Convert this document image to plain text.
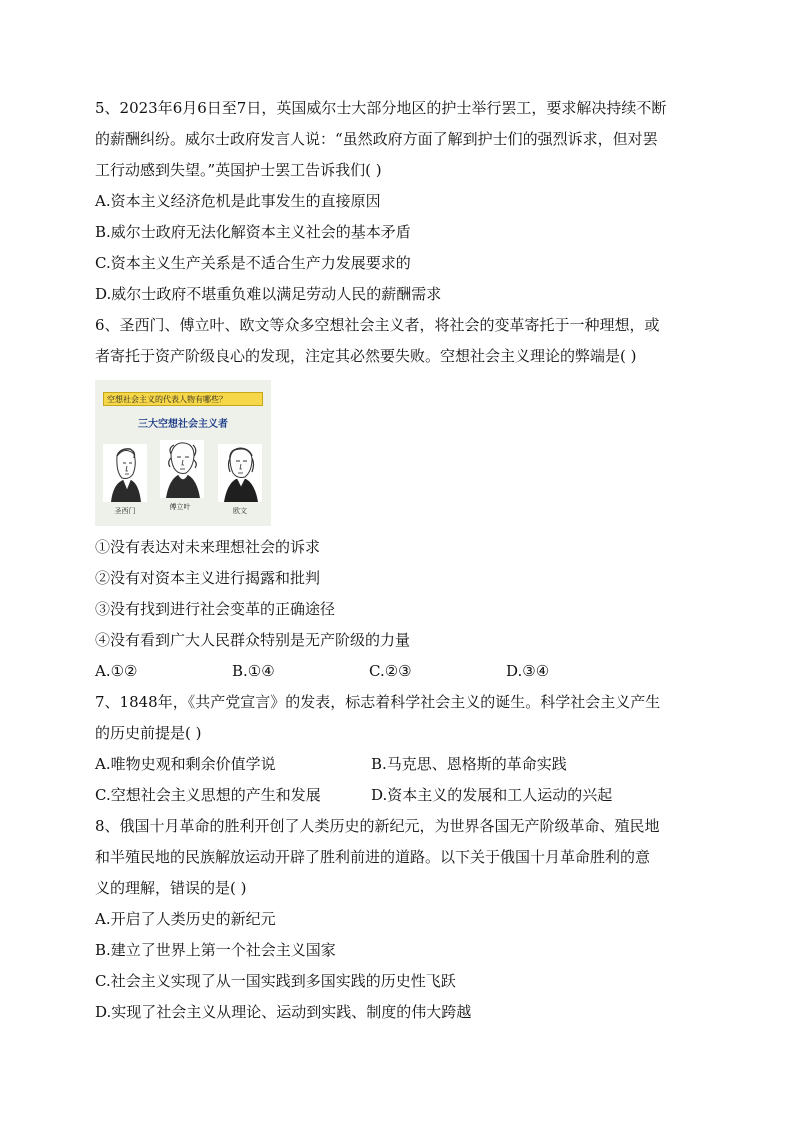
5、2023年6月6日至7日，英国威尔士大部分地区的护士举行罢工，要求解决持续不断
的薪酬纠纷。威尔士政府发言人说：“虽然政府方面了解到护士们的强烈诉求，但对罢
工行动感到失望。”英国护士罢工告诉我们( )
A.资本主义经济危机是此事发生的直接原因
B.威尔士政府无法化解资本主义社会的基本矛盾
C.资本主义生产关系是不适合生产力发展要求的
D.威尔士政府不堪重负难以满足劳动人民的薪酬需求
6、圣西门、傅立叶、欧文等众多空想社会主义者，将社会的变革寄托于一种理想，或
者寄托于资产阶级良心的发现，注定其必然要失败。空想社会主义理论的弊端是( )
空想社会主义的代表人物有哪些？
三大空想社会主义者
圣西门	傅立叶	欧文
①没有表达对未来理想社会的诉求
②没有对资本主义进行揭露和批判
③没有找到进行社会变革的正确途径
④没有看到广大人民群众特别是无产阶级的力量
A.①②	B.①④	C.②③	D.③④
7、1848年，《共产党宣言》的发表，标志着科学社会主义的诞生。科学社会主义产生
的历史前提是( )
A.唯物史观和剩余价值学说	B.马克思、恩格斯的革命实践
C.空想社会主义思想的产生和发展	D.资本主义的发展和工人运动的兴起
8、俄国十月革命的胜利开创了人类历史的新纪元，为世界各国无产阶级革命、殖民地
和半殖民地的民族解放运动开辟了胜利前进的道路。以下关于俄国十月革命胜利的意
义的理解，错误的是( )
A.开启了人类历史的新纪元
B.建立了世界上第一个社会主义国家
C.社会主义实现了从一国实践到多国实践的历史性飞跃
D.实现了社会主义从理论、运动到实践、制度的伟大跨越
